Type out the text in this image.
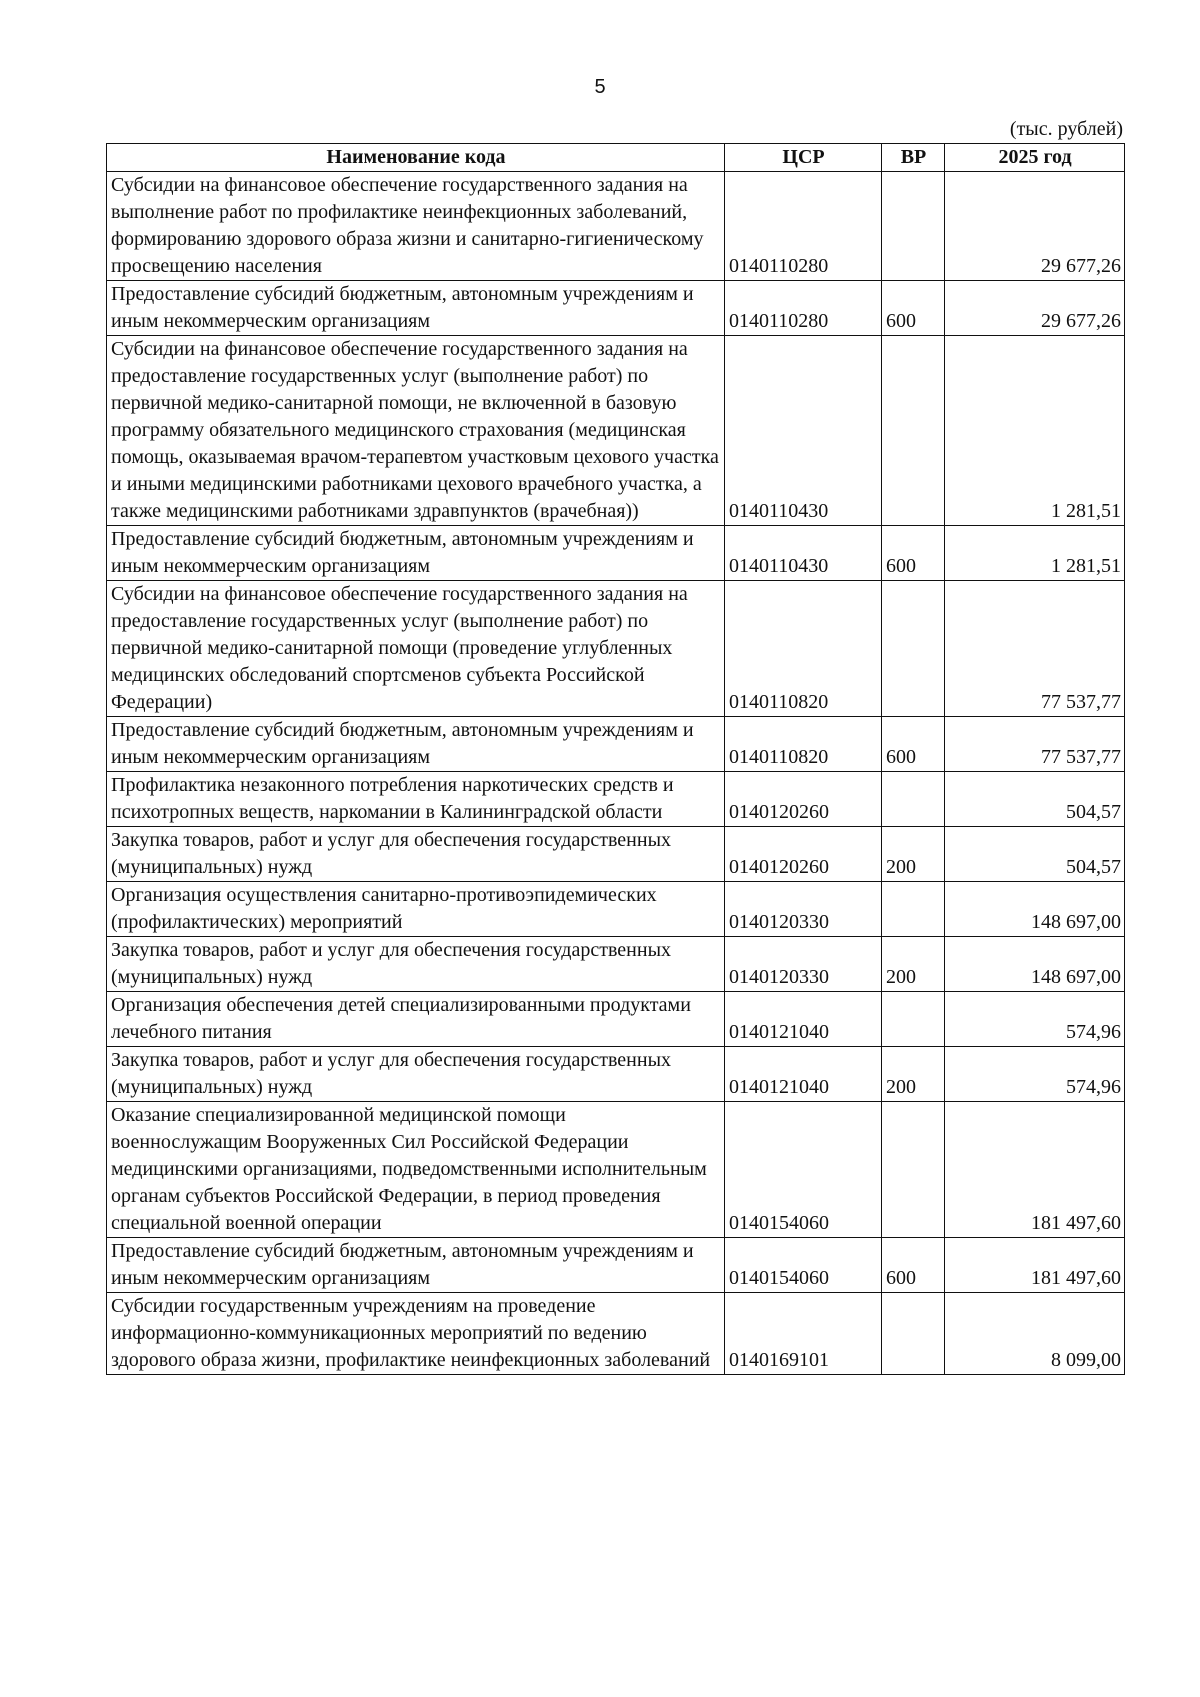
5
(тыс. рублей)
Наименование кода	ЦСР	ВР	2025 год
Субсидии на финансовое обеспечение государственного задания на выполнение работ по профилактике неинфекционных заболеваний, формированию здорового образа жизни и санитарно-гигиеническому просвещению населения	0140110280		29 677,26
Предоставление субсидий бюджетным, автономным учреждениям и иным некоммерческим организациям	0140110280	600	29 677,26
Субсидии на финансовое обеспечение государственного задания на предоставление государственных услуг (выполнение работ) по первичной медико-санитарной помощи, не включенной в базовую программу обязательного медицинского страхования (медицинская помощь, оказываемая врачом-терапевтом участковым цехового участка и иными медицинскими работниками цехового врачебного участка, а также медицинскими работниками здравпунктов (врачебная))	0140110430		1 281,51
Предоставление субсидий бюджетным, автономным учреждениям и иным некоммерческим организациям	0140110430	600	1 281,51
Субсидии на финансовое обеспечение государственного задания на предоставление государственных услуг (выполнение работ) по первичной медико-санитарной помощи (проведение углубленных медицинских обследований спортсменов субъекта Российской Федерации)	0140110820		77 537,77
Предоставление субсидий бюджетным, автономным учреждениям и иным некоммерческим организациям	0140110820	600	77 537,77
Профилактика незаконного потребления наркотических средств и психотропных веществ, наркомании в Калининградской области	0140120260		504,57
Закупка товаров, работ и услуг для обеспечения государственных (муниципальных) нужд	0140120260	200	504,57
Организация осуществления санитарно-противоэпидемических (профилактических) мероприятий	0140120330		148 697,00
Закупка товаров, работ и услуг для обеспечения государственных (муниципальных) нужд	0140120330	200	148 697,00
Организация обеспечения детей специализированными продуктами лечебного питания	0140121040		574,96
Закупка товаров, работ и услуг для обеспечения государственных (муниципальных) нужд	0140121040	200	574,96
Оказание специализированной медицинской помощи военнослужащим Вооруженных Сил Российской Федерации медицинскими организациями, подведомственными исполнительным органам субъектов Российской Федерации, в период проведения специальной военной операции	0140154060		181 497,60
Предоставление субсидий бюджетным, автономным учреждениям и иным некоммерческим организациям	0140154060	600	181 497,60
Субсидии государственным учреждениям на проведение информационно-коммуникационных мероприятий по ведению здорового образа жизни, профилактике неинфекционных заболеваний	0140169101		8 099,00
